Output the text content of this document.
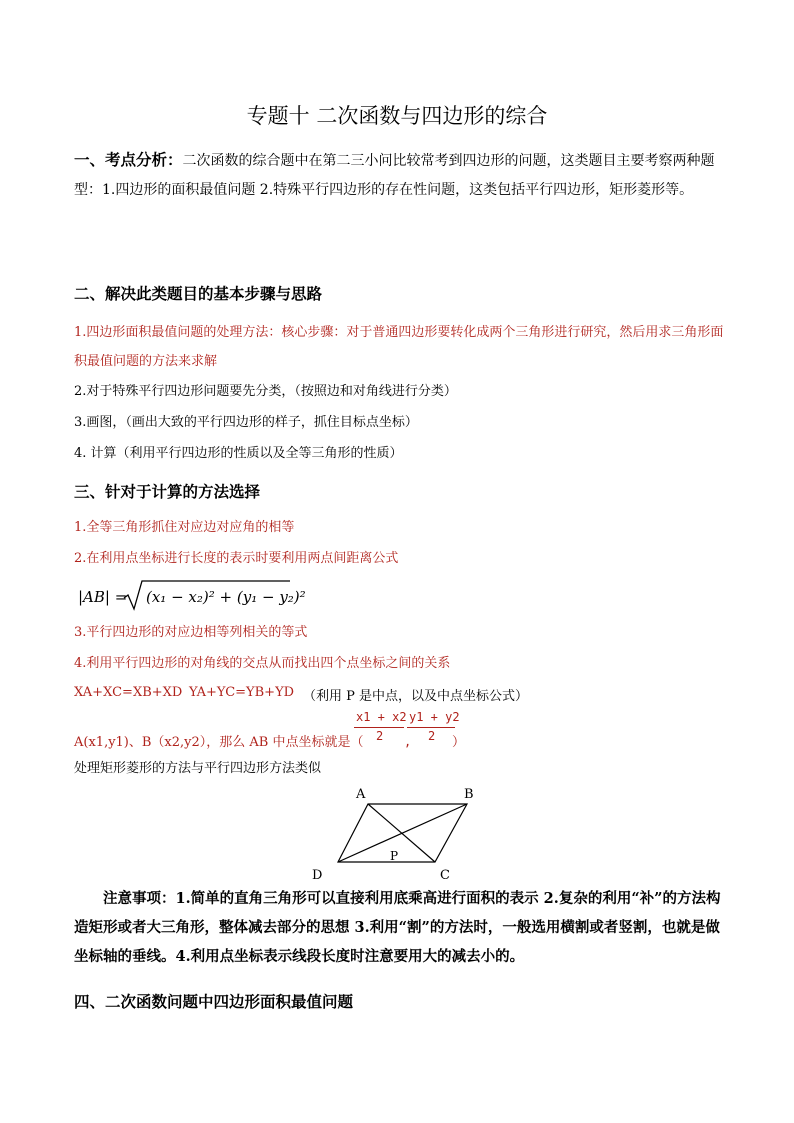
专题十 二次函数与四边形的综合
一、考点分析：二次函数的综合题中在第二三小问比较常考到四边形的问题，这类题目主要考察两种题型：1.四边形的面积最值问题 2.特殊平行四边形的存在性问题，这类包括平行四边形，矩形菱形等。
二、解决此类题目的基本步骤与思路
1.四边形面积最值问题的处理方法：核心步骤：对于普通四边形要转化成两个三角形进行研究，然后用求三角形面积最值问题的方法来求解
2.对于特殊平行四边形问题要先分类，（按照边和对角线进行分类）
3.画图，（画出大致的平行四边形的样子，抓住目标点坐标）
4. 计算（利用平行四边形的性质以及全等三角形的性质）
三、针对于计算的方法选择
1.全等三角形抓住对应边对应角的相等
2.在利用点坐标进行长度的表示时要利用两点间距离公式
|AB| = (x₁ − x₂)² + (y₁ − y₂)²
3.平行四边形的对应边相等列相关的等式
4.利用平行四边形的对角线的交点从而找出四个点坐标之间的关系
XA+XC=XB+XD YA+YC=YB+YD （利用 P 是中点，以及中点坐标公式）
A(x1,y1)、B（x2,y2），那么 AB 中点坐标就是（
x1 + x2
2 ,
y1 + y2
2 ）
处理矩形菱形的方法与平行四边形方法类似
A	B
C
D
P
注意事项：1.简单的直角三角形可以直接利用底乘高进行面积的表示 2.复杂的利用“补”的方法构造矩形或者大三角形，整体减去部分的思想 3.利用“割”的方法时，一般选用横割或者竖割，也就是做坐标轴的垂线。4.利用点坐标表示线段长度时注意要用大的减去小的。
四、二次函数问题中四边形面积最值问题
